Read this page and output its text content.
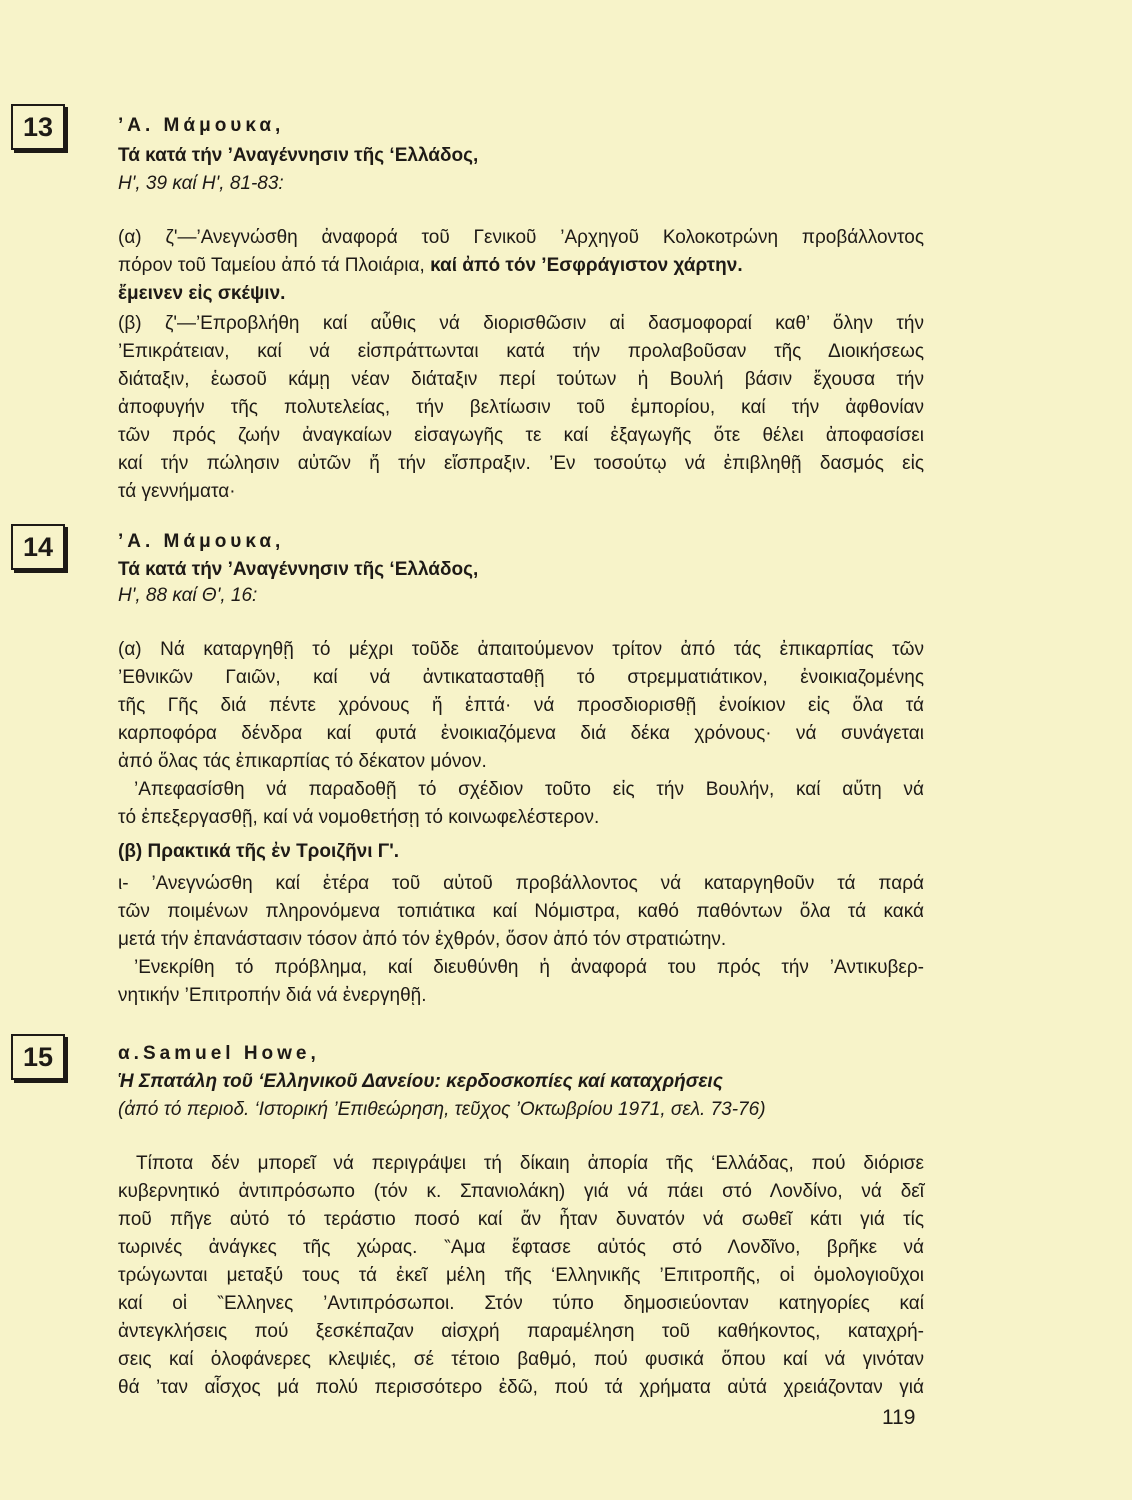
13	’Α. Μάμουκα,
Τά κατά τήν ’Αναγέννησιν τῆς ‘Ελλάδος,
H', 39 καί H', 81-83:
(α) ζ'—’Ανεγνώσθη ἀναφορά τοῦ Γενικοῦ ’Αρχηγοῦ Κολοκοτρώνη προβάλλοντος
πόρον τοῦ Ταμείου ἀπό τά Πλοιάρια, καί ἀπό τόν ’Εσφράγιστον χάρτην.
ἔμεινεν εἰς σκέψιν.
(β) ζ'—’Επροβλήθη καί αὖθις νά διορισθῶσιν αἱ δασμοφοραί καθ’ ὅλην τήν
’Επικράτειαν, καί νά εἰσπράττωνται κατά τήν προλαβοῦσαν τῆς Διοικήσεως
διάταξιν, ἑωσοῦ κάμῃ νέαν διάταξιν περί τούτων ἡ Βουλή βάσιν ἔχουσα τήν
ἀποφυγήν τῆς πολυτελείας, τήν βελτίωσιν τοῦ ἐμπορίου, καί τήν ἀφθονίαν
τῶν πρός ζωήν ἀναγκαίων εἰσαγωγῆς τε καί ἐξαγωγῆς ὅτε θέλει ἀποφασίσει
καί τήν πώλησιν αὐτῶν ἤ τήν εἴσπραξιν. ’Εν τοσούτῳ νά ἐπιβληθῇ δασμός εἰς
τά γεννήματα·
14	’Α. Μάμουκα,
Τά κατά τήν ’Αναγέννησιν τῆς ‘Ελλάδος,
H', 88 καί Θ', 16:
(α) Νά καταργηθῇ τό μέχρι τοῦδε ἀπαιτούμενον τρίτον ἀπό τάς ἐπικαρπίας τῶν
’Εθνικῶν Γαιῶν, καί νά ἀντικατασταθῇ τό στρεμματιάτικον, ἐνοικιαζομένης
τῆς Γῆς διά πέντε χρόνους ἤ ἑπτά· νά προσδιορισθῇ ἐνοίκιον εἰς ὅλα τά
καρποφόρα δένδρα καί φυτά ἐνοικιαζόμενα διά δέκα χρόνους· νά συνάγεται
ἀπό ὅλας τάς ἐπικαρπίας τό δέκατον μόνον.
’Απεφασίσθη νά παραδοθῇ τό σχέδιον τοῦτο εἰς τήν Βουλήν, καί αὕτη νά
τό ἐπεξεργασθῇ, καί νά νομοθετήσῃ τό κοινωφελέστερον.
(β) Πρακτικά τῆς ἐν Τροιζῆνι Γ'.
ι- ’Ανεγνώσθη καί ἑτέρα τοῦ αὐτοῦ προβάλλοντος νά καταργηθοῦν τά παρά
τῶν ποιμένων πληρονόμενα τοπιάτικα καί Νόμιστρα, καθό παθόντων ὅλα τά κακά
μετά τήν ἐπανάστασιν τόσον ἀπό τόν ἐχθρόν, ὅσον ἀπό τόν στρατιώτην.
’Ενεκρίθη τό πρόβλημα, καί διευθύνθη ἡ ἀναφορά του πρός τήν ’Αντικυβερ-
νητικήν ’Επιτροπήν διά νά ἐνεργηθῇ.
15	α.Samuel Howe,
Ἡ Σπατάλη τοῦ ‘Ελληνικοῦ Δανείου: κερδοσκοπίες καί καταχρήσεις
(ἀπό τό περιοδ. ‘Ιστορική ’Επιθεώρηση, τεῦχος ’Οκτωβρίου 1971, σελ. 73-76)
Τίποτα δέν μπορεῖ νά περιγράψει τή δίκαιη ἀπορία τῆς ‘Ελλάδας, πού διόρισε
κυβερνητικό ἀντιπρόσωπο (τόν κ. Σπανιολάκη) γιά νά πάει στό Λονδίνο, νά δεῖ
ποῦ πῆγε αὐτό τό τεράστιο ποσό καί ἄν ἦταν δυνατόν νά σωθεῖ κάτι γιά τίς
τωρινές ἀνάγκες τῆς χώρας. ‶Αμα ἔφτασε αὐτός στό Λονδῖνο, βρῆκε νά
τρώγωνται μεταξύ τους τά ἐκεῖ μέλη τῆς ‘Ελληνικῆς ’Επιτροπῆς, οἱ ὁμολογιοῦχοι
καί οἱ ‶Ελληνες ’Αντιπρόσωποι. Στόν τύπο δημοσιεύονταν κατηγορίες καί
ἀντεγκλήσεις πού ξεσκέπαζαν αἰσχρή παραμέληση τοῦ καθήκοντος, καταχρή-
σεις καί ὁλοφάνερες κλεψιές, σέ τέτοιο βαθμό, πού φυσικά ὅπου καί νά γινόταν
θά ’ταν αἶσχος μά πολύ περισσότερο ἐδῶ, πού τά χρήματα αὐτά χρειάζονταν γιά
119
